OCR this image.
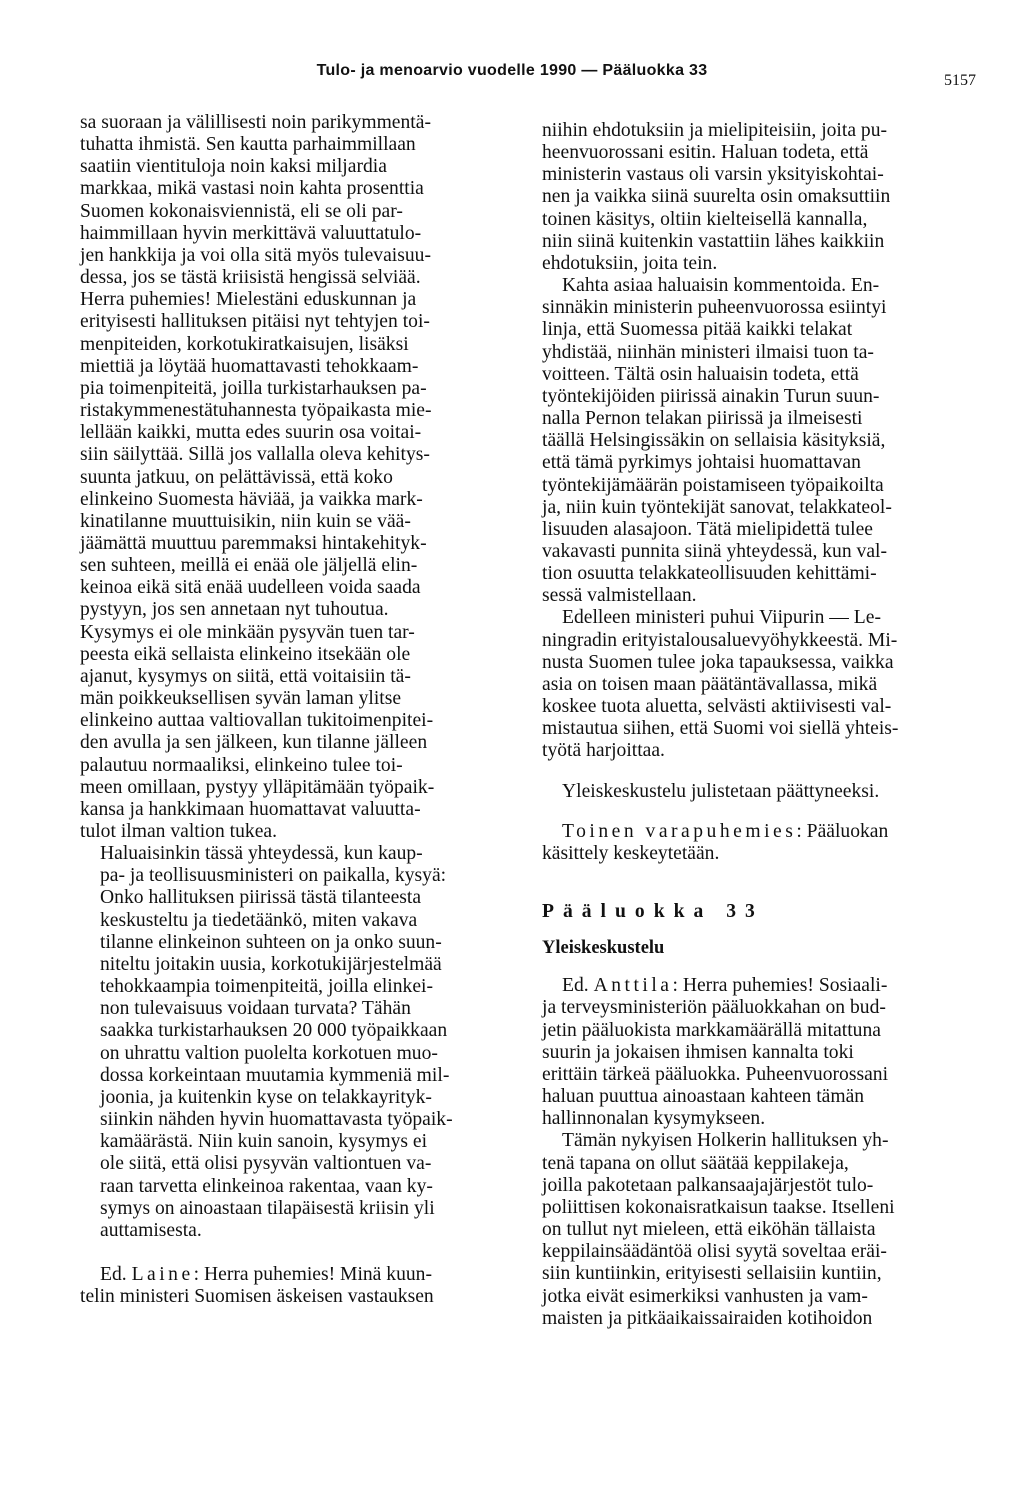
Tulo- ja menoarvio vuodelle 1990 — Pääluokka 33
5157
sa suoraan ja välillisesti noin parikymmentä-
tuhatta ihmistä. Sen kautta parhaimmillaan
saatiin vientituloja noin kaksi miljardia
markkaa, mikä vastasi noin kahta prosenttia
Suomen kokonaisviennistä, eli se oli par-
haimmillaan hyvin merkittävä valuuttatulo-
jen hankkija ja voi olla sitä myös tulevaisuu-
dessa, jos se tästä kriisistä hengissä selviää.
Herra puhemies! Mielestäni eduskunnan ja
erityisesti hallituksen pitäisi nyt tehtyjen toi-
menpiteiden, korkotukiratkaisujen, lisäksi
miettiä ja löytää huomattavasti tehokkaam-
pia toimenpiteitä, joilla turkistarhauksen pa-
ristakymmenestätuhannesta työpaikasta mie-
lellään kaikki, mutta edes suurin osa voitai-
siin säilyttää. Sillä jos vallalla oleva kehitys-
suunta jatkuu, on pelättävissä, että koko
elinkeino Suomesta häviää, ja vaikka mark-
kinatilanne muuttuisikin, niin kuin se vää-
jäämättä muuttuu paremmaksi hintakehityk-
sen suhteen, meillä ei enää ole jäljellä elin-
keinoa eikä sitä enää uudelleen voida saada
pystyyn, jos sen annetaan nyt tuhoutua.
Kysymys ei ole minkään pysyvän tuen tar-
peesta eikä sellaista elinkeino itsekään ole
ajanut, kysymys on siitä, että voitaisiin tä-
män poikkeuksellisen syvän laman ylitse
elinkeino auttaa valtiovallan tukitoimenpitei-
den avulla ja sen jälkeen, kun tilanne jälleen
palautuu normaaliksi, elinkeino tulee toi-
meen omillaan, pystyy ylläpitämään työpaik-
kansa ja hankkimaan huomattavat valuutta-
tulot ilman valtion tukea.
Haluaisinkin tässä yhteydessä, kun kaup-
pa- ja teollisuusministeri on paikalla, kysyä:
Onko hallituksen piirissä tästä tilanteesta
keskusteltu ja tiedetäänkö, miten vakava
tilanne elinkeinon suhteen on ja onko suun-
niteltu joitakin uusia, korkotukijärjestelmää
tehokkaampia toimenpiteitä, joilla elinkei-
non tulevaisuus voidaan turvata? Tähän
saakka turkistarhauksen 20 000 työpaikkaan
on uhrattu valtion puolelta korkotuen muo-
dossa korkeintaan muutamia kymmeniä mil-
joonia, ja kuitenkin kyse on telakkayrityk-
siinkin nähden hyvin huomattavasta työpaik-
kamäärästä. Niin kuin sanoin, kysymys ei
ole siitä, että olisi pysyvän valtiontuen va-
raan tarvetta elinkeinoa rakentaa, vaan ky-
symys on ainoastaan tilapäisestä kriisin yli
auttamisesta.
Ed. Laine: Herra puhemies! Minä kuun-
telin ministeri Suomisen äskeisen vastauksen
niihin ehdotuksiin ja mielipiteisiin, joita pu-
heenvuorossani esitin. Haluan todeta, että
ministerin vastaus oli varsin yksityiskohtai-
nen ja vaikka siinä suurelta osin omaksuttiin
toinen käsitys, oltiin kielteisellä kannalla,
niin siinä kuitenkin vastattiin lähes kaikkiin
ehdotuksiin, joita tein.
Kahta asiaa haluaisin kommentoida. En-
sinnäkin ministerin puheenvuorossa esiintyi
linja, että Suomessa pitää kaikki telakat
yhdistää, niinhän ministeri ilmaisi tuon ta-
voitteen. Tältä osin haluaisin todeta, että
työntekijöiden piirissä ainakin Turun suun-
nalla Pernon telakan piirissä ja ilmeisesti
täällä Helsingissäkin on sellaisia käsityksiä,
että tämä pyrkimys johtaisi huomattavan
työntekijämäärän poistamiseen työpaikoilta
ja, niin kuin työntekijät sanovat, telakkateol-
lisuuden alasajoon. Tätä mielipidettä tulee
vakavasti punnita siinä yhteydessä, kun val-
tion osuutta telakkateollisuuden kehittämi-
sessä valmistellaan.
Edelleen ministeri puhui Viipurin — Le-
ningradin erityistalousaluevyöhykkeestä. Mi-
nusta Suomen tulee joka tapauksessa, vaikka
asia on toisen maan päätäntävallassa, mikä
koskee tuota aluetta, selvästi aktiivisesti val-
mistautua siihen, että Suomi voi siellä yhteis-
työtä harjoittaa.
Yleiskeskustelu julistetaan päättyneeksi.
Toinen varapuhemies: Pääluokan
käsittely keskeytetään.
Pääluokka 33
Yleiskeskustelu
Ed. Anttila: Herra puhemies! Sosiaali-
ja terveysministeriön pääluokkahan on bud-
jetin pääluokista markkamäärällä mitattuna
suurin ja jokaisen ihmisen kannalta toki
erittäin tärkeä pääluokka. Puheenvuorossani
haluan puuttua ainoastaan kahteen tämän
hallinnonalan kysymykseen.
Tämän nykyisen Holkerin hallituksen yh-
tenä tapana on ollut säätää keppilakeja,
joilla pakotetaan palkansaajajärjestöt tulo-
poliittisen kokonaisratkaisun taakse. Itselleni
on tullut nyt mieleen, että eiköhän tällaista
keppilainsäädäntöä olisi syytä soveltaa eräi-
siin kuntiinkin, erityisesti sellaisiin kuntiin,
jotka eivät esimerkiksi vanhusten ja vam-
maisten ja pitkäaikaissairaiden kotihoidon
